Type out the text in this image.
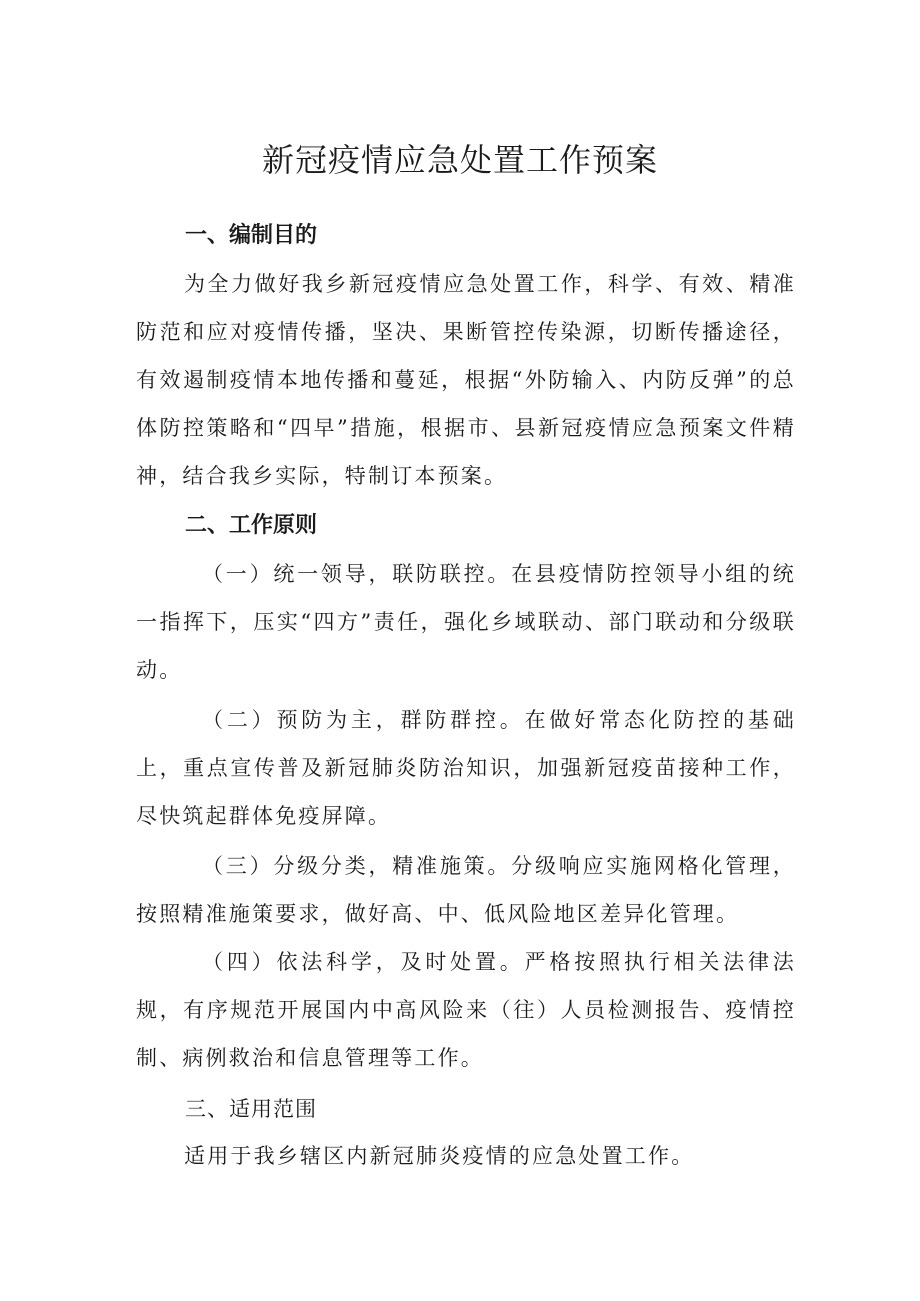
新冠疫情应急处置工作预案
一、编制目的

为全力做好我乡新冠疫情应急处置工作，科学、有效、精准防范和应对疫情传播，坚决、果断管控传染源，切断传播途径，有效遏制疫情本地传播和蔓延，根据“外防输入、内防反弹”的总体防控策略和“四早”措施，根据市、县新冠疫情应急预案文件精神，结合我乡实际，特制订本预案。

二、工作原则

（一）统一领导，联防联控。在县疫情防控领导小组的统一指挥下，压实“四方”责任，强化乡域联动、部门联动和分级联动。

（二）预防为主，群防群控。在做好常态化防控的基础上，重点宣传普及新冠肺炎防治知识，加强新冠疫苗接种工作，尽快筑起群体免疫屏障。

（三）分级分类，精准施策。分级响应实施网格化管理，按照精准施策要求，做好高、中、低风险地区差异化管理。

（四）依法科学，及时处置。严格按照执行相关法律法规，有序规范开展国内中高风险来（往）人员检测报告、疫情控制、病例救治和信息管理等工作。

三、适用范围

适用于我乡辖区内新冠肺炎疫情的应急处置工作。
